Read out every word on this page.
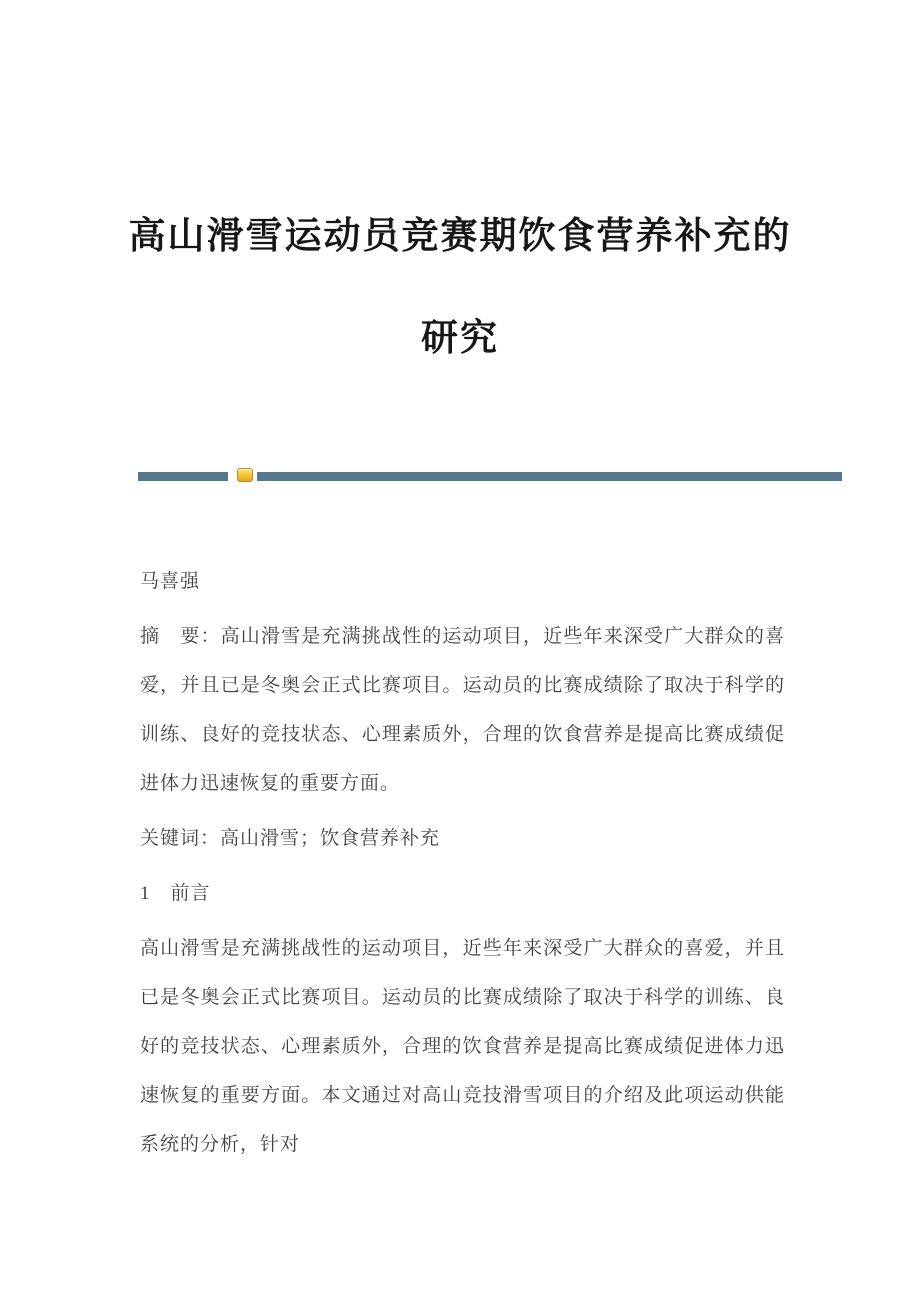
高山滑雪运动员竞赛期饮食营养补充的
研究

马喜强

摘　要：高山滑雪是充满挑战性的运动项目，近些年来深受广大群众的喜爱，并且已是冬奥会正式比赛项目。运动员的比赛成绩除了取决于科学的训练、良好的竞技状态、心理素质外，合理的饮食营养是提高比赛成绩促进体力迅速恢复的重要方面。

关键词：高山滑雪；饮食营养补充

1　前言

高山滑雪是充满挑战性的运动项目，近些年来深受广大群众的喜爱，并且已是冬奥会正式比赛项目。运动员的比赛成绩除了取决于科学的训练、良好的竞技状态、心理素质外，合理的饮食营养是提高比赛成绩促进体力迅速恢复的重要方面。本文通过对高山竞技滑雪项目的介绍及此项运动供能系统的分析，针对
